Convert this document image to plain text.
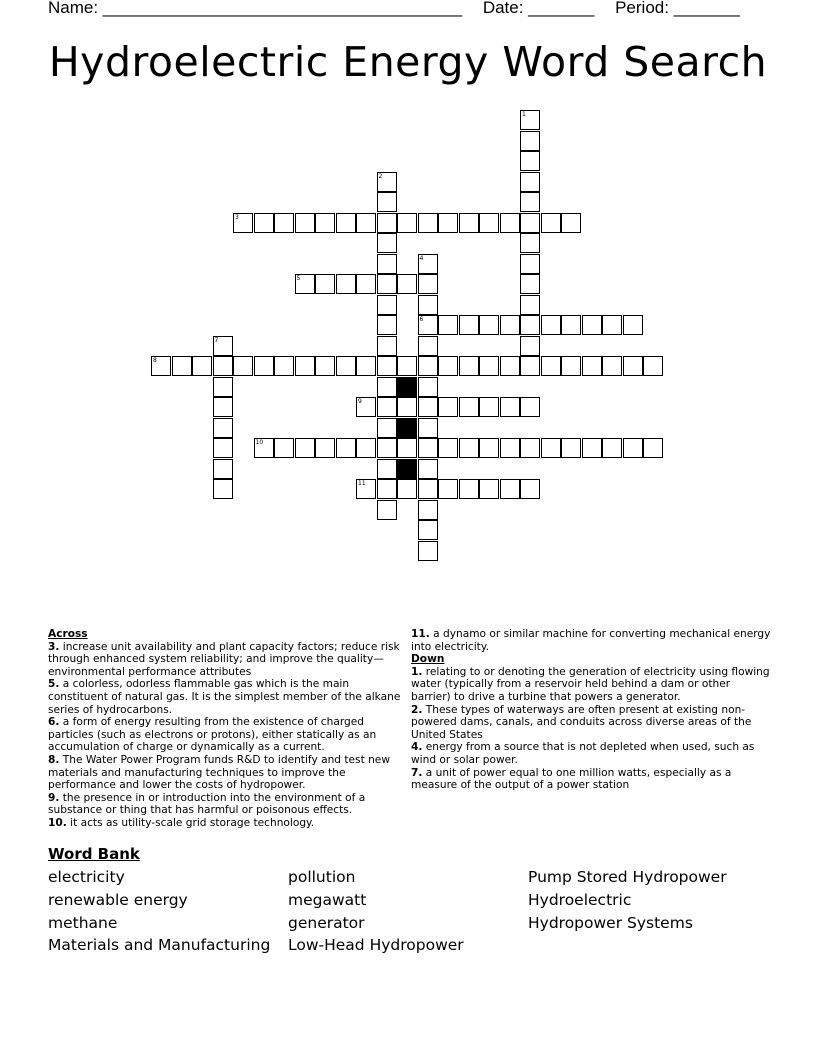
Name: ______________________________________ Date: _______ Period: _______
Hydroelectric Energy Word Search
1
2
3
4
6
5
7
8
9
10
11
Across
3. increase unit availability and plant capacity factors; reduce risk through enhanced system reliability; and improve the quality—environmental performance attributes
5. a colorless, odorless flammable gas which is the main constituent of natural gas. It is the simplest member of the alkane series of hydrocarbons.
6. a form of energy resulting from the existence of charged particles (such as electrons or protons), either statically as an accumulation of charge or dynamically as a current.
8. The Water Power Program funds R&D to identify and test new materials and manufacturing techniques to improve the performance and lower the costs of hydropower.
9. the presence in or introduction into the environment of a substance or thing that has harmful or poisonous effects.
10. it acts as utility-scale grid storage technology.
11. a dynamo or similar machine for converting mechanical energy into electricity.
Down
1. relating to or denoting the generation of electricity using flowing water (typically from a reservoir held behind a dam or other barrier) to drive a turbine that powers a generator.
2. These types of waterways are often present at existing non-powered dams, canals, and conduits across diverse areas of the United States
4. energy from a source that is not depleted when used, such as wind or solar power.
7. a unit of power equal to one million watts, especially as a measure of the output of a power station
Word Bank
electricity
renewable energy
methane
Materials and Manufacturing
pollution
megawatt
generator
Low-Head Hydropower
Pump Stored Hydropower
Hydroelectric
Hydropower Systems
